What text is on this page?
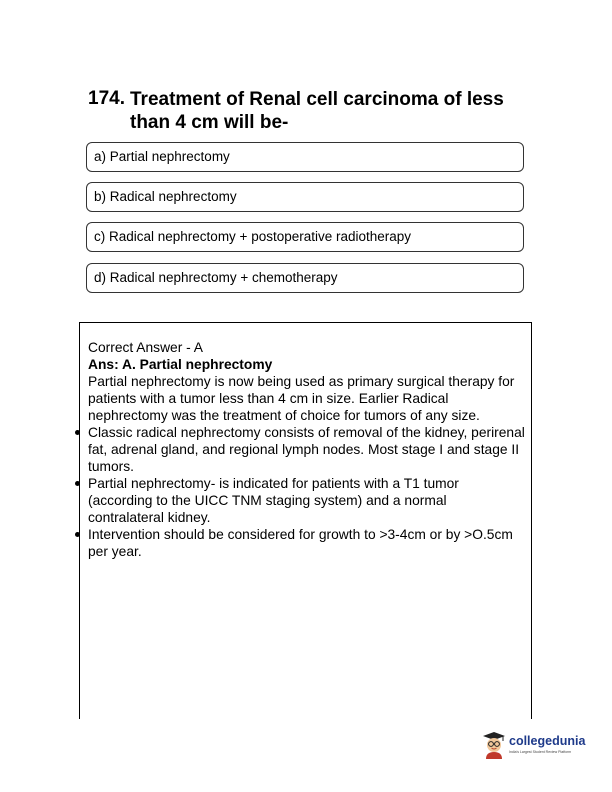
174. Treatment of Renal cell carcinoma of less than 4 cm will be-
a) Partial nephrectomy
b) Radical nephrectomy
c) Radical nephrectomy + postoperative radiotherapy
d) Radical nephrectomy + chemotherapy

Correct Answer - A

Ans: A. Partial nephrectomy

Partial nephrectomy is now being used as primary surgical therapy for patients with a tumor less than 4 cm in size. Earlier Radical nephrectomy was the treatment of choice for tumors of any size.

Classic radical nephrectomy consists of removal of the kidney, perirenal fat, adrenal gland, and regional lymph nodes. Most stage I and stage II tumors.
Partial nephrectomy- is indicated for patients with a T1 tumor (according to the UICC TNM staging system) and a normal contralateral kidney.
Intervention should be considered for growth to >3-4cm or by >O.5cm per year.
collegedunia
India's Largest Student Review Platform
